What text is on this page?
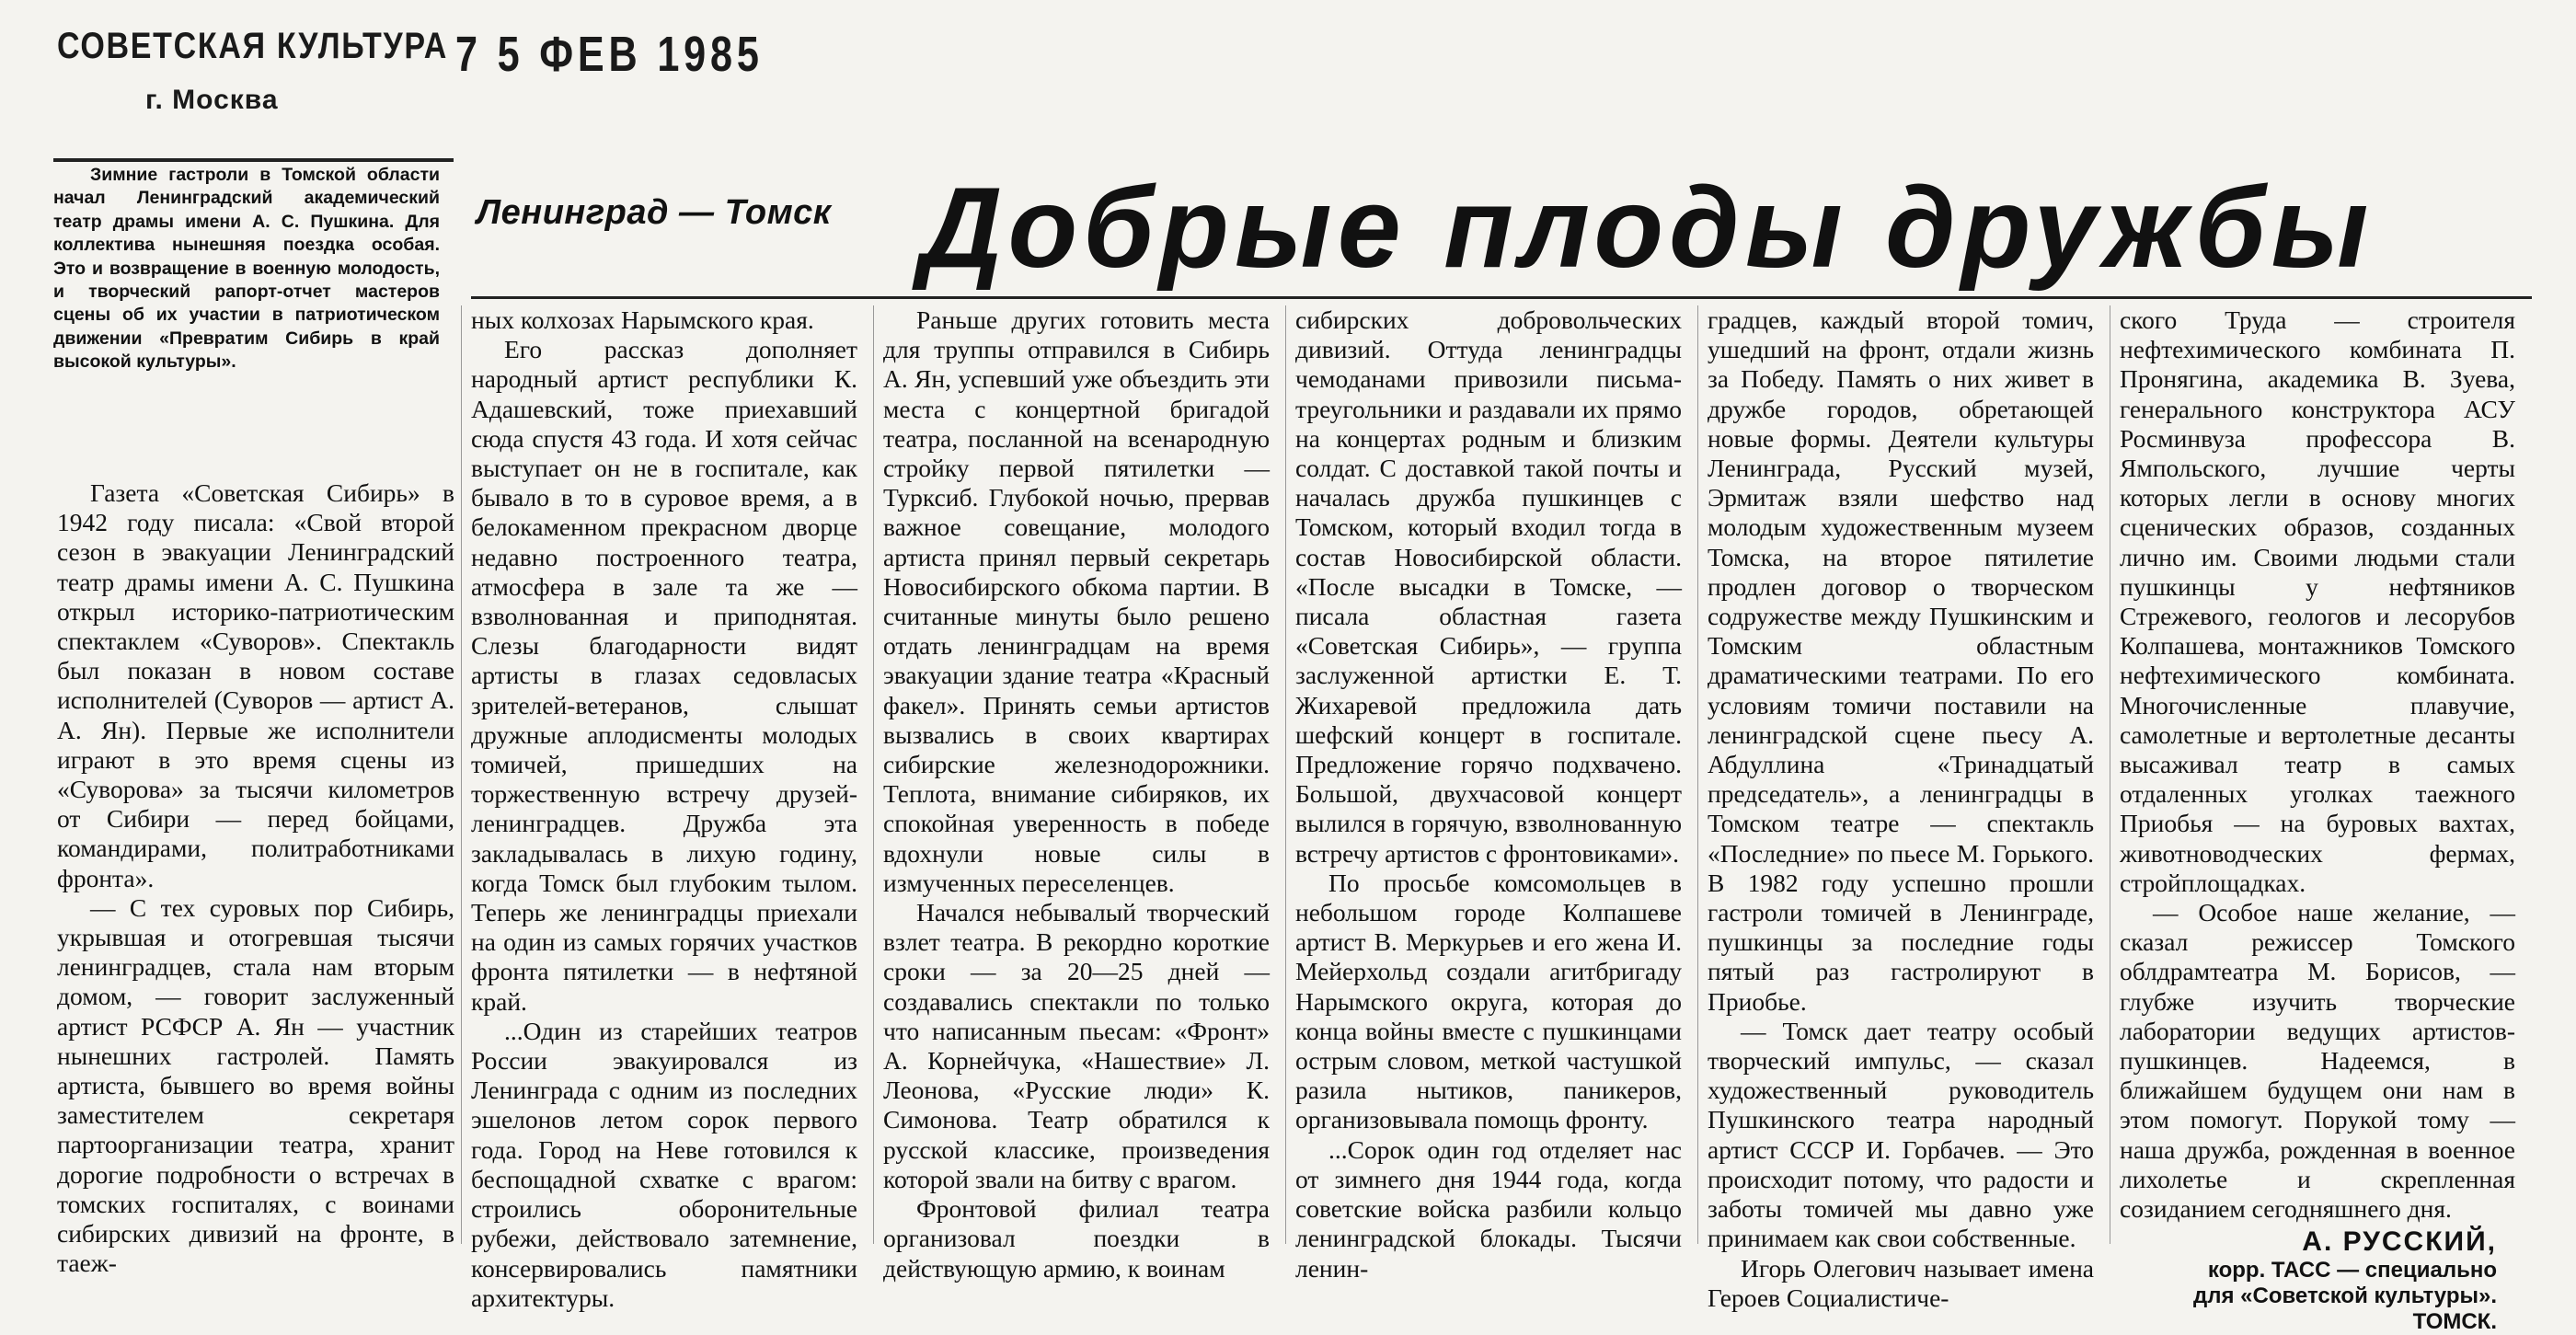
СОВЕТСКАЯ КУЛЬТУРА
г. Москва
7 5 ФЕВ 1985

Зимние гастроли в Томской области начал Ленинградский академический театр драмы имени А. С. Пушкина. Для коллектива нынешняя поездка особая. Это и возвращение в военную молодость, и творческий рапорт-отчет мастеров сцены об их участии в патриотическом движении «Превратим Сибирь в край высокой культуры».

Ленинград — Томск Добрые плоды дружбы

Газета «Советская Сибирь» в 1942 году писала: «Свой второй сезон в эвакуации Ленинградский театр драмы имени А. С. Пушкина открыл историко-патриотическим спектаклем «Суворов». Спектакль был показан в новом составе исполнителей (Суворов — артист А. А. Ян). Первые же исполнители играют в это время сцены из «Суворова» за тысячи километров от Сибири — перед бойцами, командирами, политработниками фронта».

— С тех суровых пор Сибирь, укрывшая и отогревшая тысячи ленинградцев, стала нам вторым домом, — говорит заслуженный артист РСФСР А. Ян — участник нынешних гастролей. Память артиста, бывшего во время войны заместителем секретаря партоорганизации театра, хранит дорогие подробности о встречах в томских госпиталях, с воинами сибирских дивизий на фронте, в таеж-

ных колхозах Нарымского края.

Его рассказ дополняет народный артист республики К. Адашевский, тоже приехавший сюда спустя 43 года. И хотя сейчас выступает он не в госпитале, как бывало в то в суровое время, а в белокаменном прекрасном дворце недавно построенного театра, атмосфера в зале та же — взволнованная и приподнятая. Слезы благодарности видят артисты в глазах седовласых зрителей-ветеранов, слышат дружные аплодисменты молодых томичей, пришедших на торжественную встречу друзей-ленинградцев. Дружба эта закладывалась в лихую годину, когда Томск был глубоким тылом. Теперь же ленинградцы приехали на один из самых горячих участков фронта пятилетки — в нефтяной край.

...Один из старейших театров России эвакуировался из Ленинграда с одним из последних эшелонов летом сорок первого года. Город на Неве готовился к беспощадной схватке с врагом: строились оборонительные рубежи, действовало затемнение, консервировались памятники архитектуры.

Раньше других готовить места для труппы отправился в Сибирь А. Ян, успевший уже объездить эти места с концертной бригадой театра, посланной на всенародную стройку первой пятилетки — Турксиб. Глубокой ночью, прервав важное совещание, молодого артиста принял первый секретарь Новосибирского обкома партии. В считанные минуты было решено отдать ленинградцам на время эвакуации здание театра «Красный факел». Принять семьи артистов вызвались в своих квартирах сибирские железнодорожники. Теплота, внимание сибиряков, их спокойная уверенность в победе вдохнули новые силы в измученных переселенцев.

Начался небывалый творческий взлет театра. В рекордно короткие сроки — за 20—25 дней — создавались спектакли по только что написанным пьесам: «Фронт» А. Корнейчука, «Нашествие» Л. Леонова, «Русские люди» К. Симонова. Театр обратился к русской классике, произведения которой звали на битву с врагом.

Фронтовой филиал театра организовал поездки в действующую армию, к воинам

сибирских добровольческих дивизий. Оттуда ленинградцы чемоданами привозили письма-треугольники и раздавали их прямо на концертах родным и близким солдат. С доставкой такой почты и началась дружба пушкинцев с Томском, который входил тогда в состав Новосибирской области. «После высадки в Томске, — писала областная газета «Советская Сибирь», — группа заслуженной артистки Е. Т. Жихаревой предложила дать шефский концерт в госпитале. Предложение горячо подхвачено. Большой, двухчасовой концерт вылился в горячую, взволнованную встречу артистов с фронтовиками».

По просьбе комсомольцев в небольшом городе Колпашеве артист В. Меркурьев и его жена И. Мейерхольд создали агитбригаду Нарымского округа, которая до конца войны вместе с пушкинцами острым словом, меткой частушкой разила нытиков, паникеров, организовывала помощь фронту.

...Сорок один год отделяет нас от зимнего дня 1944 года, когда советские войска разбили кольцо ленинградской блокады. Тысячи ленин-

градцев, каждый второй томич, ушедший на фронт, отдали жизнь за Победу. Память о них живет в дружбе городов, обретающей новые формы. Деятели культуры Ленинграда, Русский музей, Эрмитаж взяли шефство над молодым художественным музеем Томска, на второе пятилетие продлен договор о творческом содружестве между Пушкинским и Томским областным драматическими театрами. По его условиям томичи поставили на ленинградской сцене пьесу А. Абдуллина «Тринадцатый председатель», а ленинградцы в Томском театре — спектакль «Последние» по пьесе М. Горького. В 1982 году успешно прошли гастроли томичей в Ленинграде, пушкинцы за последние годы пятый раз гастролируют в Приобье.

— Томск дает театру особый творческий импульс, — сказал художественный руководитель Пушкинского театра народный артист СССР И. Горбачев. — Это происходит потому, что радости и заботы томичей мы давно уже принимаем как свои собственные.

Игорь Олегович называет имена Героев Социалистиче-

ского Труда — строителя нефтехимического комбината П. Пронягина, академика В. Зуева, генерального конструктора АСУ Росминвуза профессора В. Ямпольского, лучшие черты которых легли в основу многих сценических образов, созданных лично им. Своими людьми стали пушкинцы у нефтяников Стрежевого, геологов и лесорубов Колпашева, монтажников Томского нефтехимического комбината. Многочисленные плавучие, самолетные и вертолетные десанты высаживал театр в самых отдаленных уголках таежного Приобья — на буровых вахтах, животноводческих фермах, стройплощадках.

— Особое наше желание, — сказал режиссер Томского облдрамтеатра М. Борисов, — глубже изучить творческие лаборатории ведущих артистов-пушкинцев. Надеемся, в ближайшем будущем они нам в этом помогут. Порукой тому — наша дружба, рожденная в военное лихолетье и скрепленная созиданием сегодняшнего дня.

А. РУССКИЙ,
корр. ТАСС — специально
для «Советской культуры».
ТОМСК.
